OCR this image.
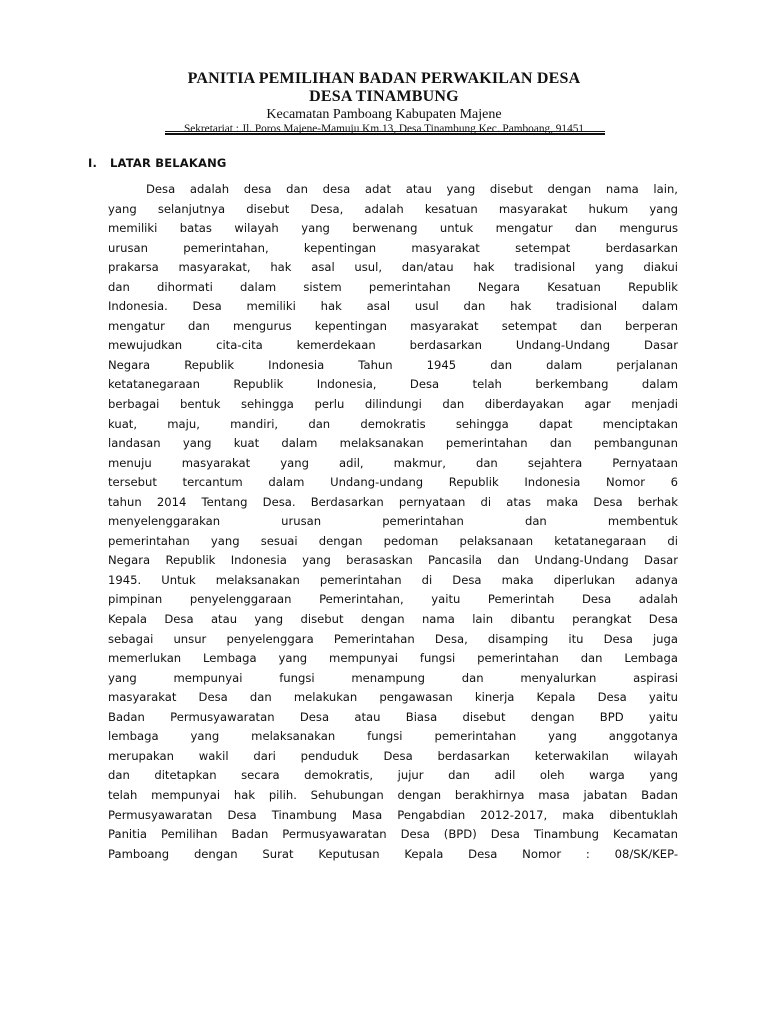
PANITIA PEMILIHAN BADAN PERWAKILAN DESA
DESA TINAMBUNG
Kecamatan Pamboang Kabupaten Majene
Sekretariat : Jl. Poros Majene-Mamuju Km.13, Desa Tinambung Kec. Pamboang, 91451
I. LATAR BELAKANG
Desa adalah desa dan desa adat atau yang disebut dengan nama lain,
yang selanjutnya disebut Desa, adalah kesatuan masyarakat hukum yang
memiliki batas wilayah yang berwenang untuk mengatur dan mengurus
urusan pemerintahan, kepentingan masyarakat setempat berdasarkan
prakarsa masyarakat, hak asal usul, dan/atau hak tradisional yang diakui
dan dihormati dalam sistem pemerintahan Negara Kesatuan Republik
Indonesia. Desa memiliki hak asal usul dan hak tradisional dalam
mengatur dan mengurus kepentingan masyarakat setempat dan berperan
mewujudkan cita-cita kemerdekaan berdasarkan Undang-Undang Dasar
Negara Republik Indonesia Tahun 1945 dan dalam perjalanan
ketatanegaraan Republik Indonesia, Desa telah berkembang dalam
berbagai bentuk sehingga perlu dilindungi dan diberdayakan agar menjadi
kuat, maju, mandiri, dan demokratis sehingga dapat menciptakan
landasan yang kuat dalam melaksanakan pemerintahan dan pembangunan
menuju masyarakat yang adil, makmur, dan sejahtera Pernyataan
tersebut tercantum dalam Undang-undang Republik Indonesia Nomor 6
tahun 2014 Tentang Desa. Berdasarkan pernyataan di atas maka Desa berhak
menyelenggarakan urusan pemerintahan dan membentuk
pemerintahan yang sesuai dengan pedoman pelaksanaan ketatanegaraan di
Negara Republik Indonesia yang berasaskan Pancasila dan Undang-Undang Dasar
1945. Untuk melaksanakan pemerintahan di Desa maka diperlukan adanya
pimpinan penyelenggaraan Pemerintahan, yaitu Pemerintah Desa adalah
Kepala Desa atau yang disebut dengan nama lain dibantu perangkat Desa
sebagai unsur penyelenggara Pemerintahan Desa, disamping itu Desa juga
memerlukan Lembaga yang mempunyai fungsi pemerintahan dan Lembaga
yang mempunyai fungsi menampung dan menyalurkan aspirasi
masyarakat Desa dan melakukan pengawasan kinerja Kepala Desa yaitu
Badan Permusyawaratan Desa atau Biasa disebut dengan BPD yaitu
lembaga yang melaksanakan fungsi pemerintahan yang anggotanya
merupakan wakil dari penduduk Desa berdasarkan keterwakilan wilayah
dan ditetapkan secara demokratis, jujur dan adil oleh warga yang
telah mempunyai hak pilih. Sehubungan dengan berakhirnya masa jabatan Badan
Permusyawaratan Desa Tinambung Masa Pengabdian 2012-2017, maka dibentuklah
Panitia Pemilihan Badan Permusyawaratan Desa (BPD) Desa Tinambung Kecamatan
Pamboang dengan Surat Keputusan Kepala Desa Nomor : 08/SK/KEP-
